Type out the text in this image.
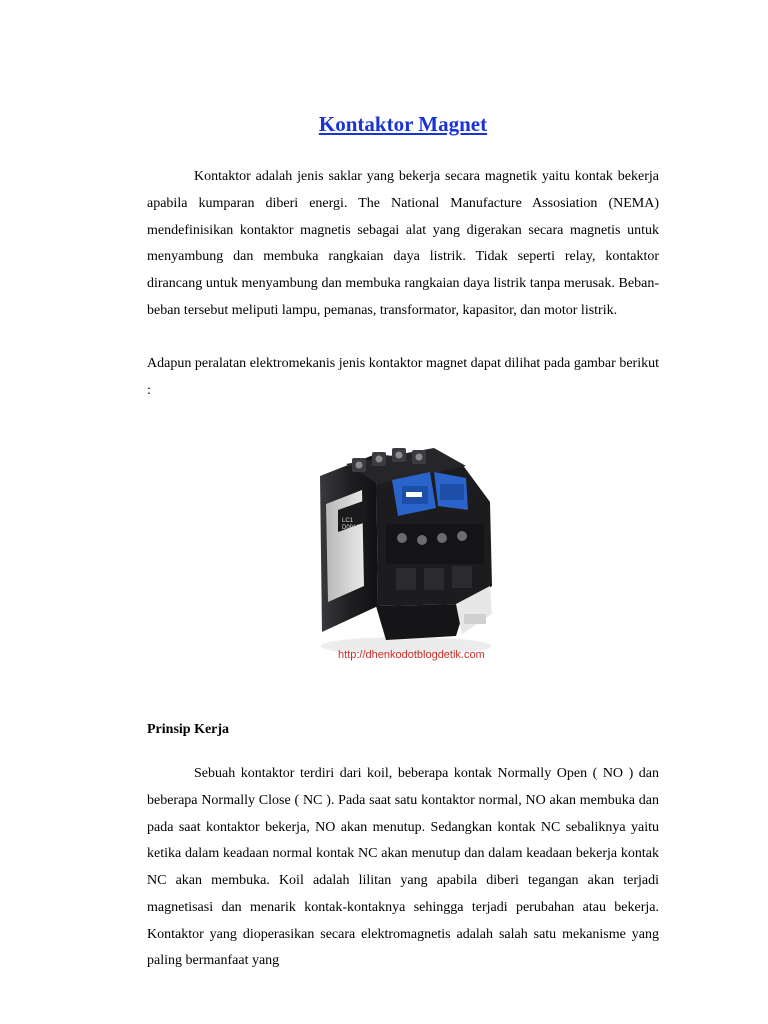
Kontaktor Magnet
Kontaktor adalah jenis saklar yang bekerja secara magnetik yaitu kontak bekerja apabila kumparan diberi energi. The National Manufacture Assosiation (NEMA) mendefinisikan kontaktor magnetis sebagai alat yang digerakan secara magnetis untuk menyambung dan membuka rangkaian daya listrik. Tidak seperti relay, kontaktor dirancang untuk menyambung dan membuka rangkaian daya listrik tanpa merusak. Beban-beban tersebut meliputi lampu, pemanas, transformator, kapasitor, dan motor listrik.
Adapun peralatan elektromekanis jenis kontaktor magnet dapat dilihat pada gambar berikut :
LC1
D0910
http://dhenkodotblogdetik.com
Prinsip Kerja
Sebuah kontaktor terdiri dari koil, beberapa kontak Normally Open ( NO ) dan beberapa Normally Close ( NC ). Pada saat satu kontaktor normal, NO akan membuka dan pada saat kontaktor bekerja, NO akan menutup. Sedangkan kontak NC sebaliknya yaitu ketika dalam keadaan normal kontak NC akan menutup dan dalam keadaan bekerja kontak NC akan membuka. Koil adalah lilitan yang apabila diberi tegangan akan terjadi magnetisasi dan menarik kontak-kontaknya sehingga terjadi perubahan atau bekerja. Kontaktor yang dioperasikan secara elektromagnetis adalah salah satu mekanisme yang paling bermanfaat yang
